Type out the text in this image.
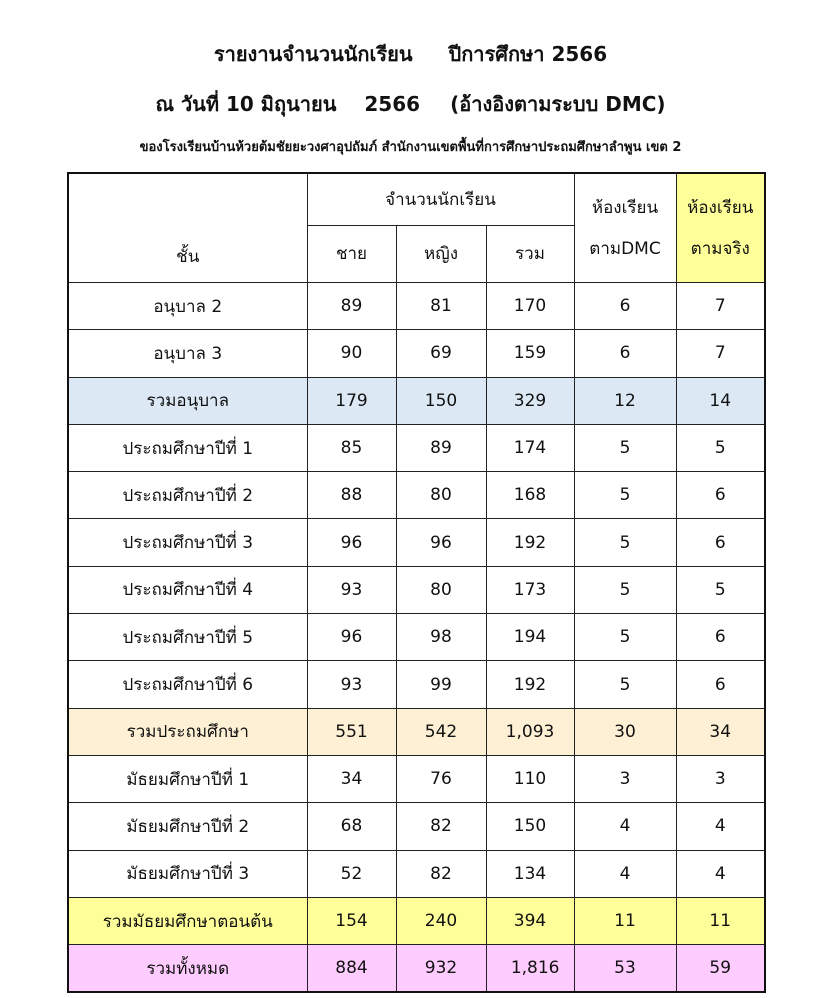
รายงานจำนวนนักเรียน ปีการศึกษา 2566
ณ วันที่ 10 มิถุนายน 2566 (อ้างอิงตามระบบ DMC)
ของโรงเรียนบ้านห้วยต้มชัยยะวงศาอุปถัมภ์ สำนักงานเขตพื้นที่การศึกษาประถมศึกษาลำพูน เขต 2
ชั้น	จำนวนนักเรียน			ห้องเรียน	ห้องเรียน
	ชาย	หญิง	รวม	ตามDMC	ตามจริง
อนุบาล 2	89	81	170	6	7
อนุบาล 3	90	69	159	6	7
รวมอนุบาล	179	150	329	12	14
ประถมศึกษาปีที่ 1	85	89	174	5	5
ประถมศึกษาปีที่ 2	88	80	168	5	6
ประถมศึกษาปีที่ 3	96	96	192	5	6
ประถมศึกษาปีที่ 4	93	80	173	5	5
ประถมศึกษาปีที่ 5	96	98	194	5	6
ประถมศึกษาปีที่ 6	93	99	192	5	6
รวมประถมศึกษา	551	542	1,093	30	34
มัธยมศึกษาปีที่ 1	34	76	110	3	3
มัธยมศึกษาปีที่ 2	68	82	150	4	4
มัธยมศึกษาปีที่ 3	52	82	134	4	4
รวมมัธยมศึกษาตอนต้น	154	240	394	11	11
รวมทั้งหมด	884	932	1,816	53	59
